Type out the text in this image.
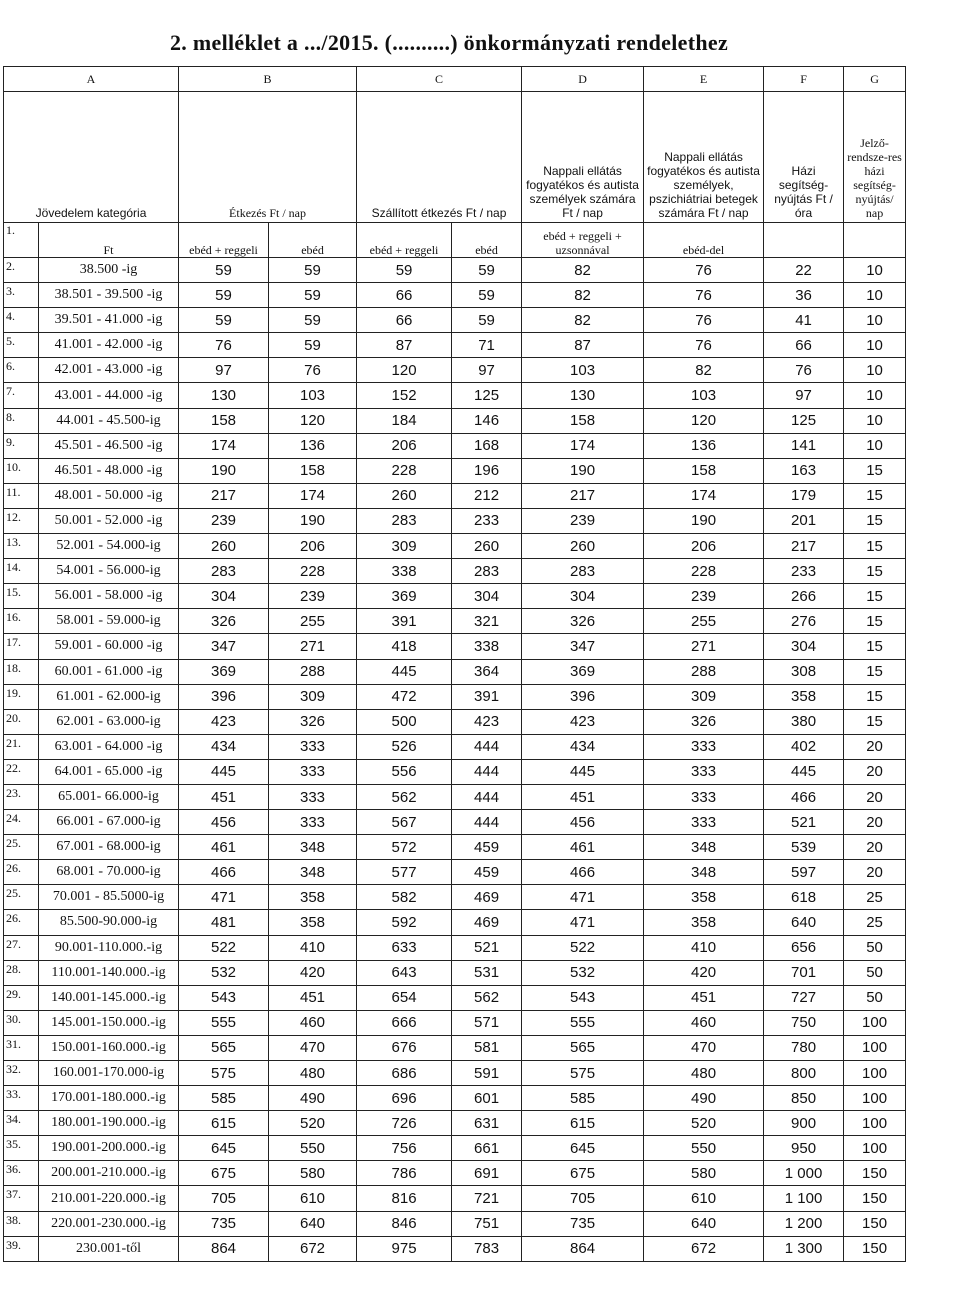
2. melléklet a .../2015. (..........) önkormányzati rendelethez
A		B		C		D	E	F	G
Jövedelem kategória		Étkezés Ft / nap		Szállított étkezés Ft / nap		Nappali ellátás fogyatékos és autista személyek számára Ft / nap	Nappali ellátás fogyatékos és autista személyek, pszichiátriai betegek számára Ft / nap	Házi segítség-nyújtás Ft / óra	Jelző-rendsze-res házi segítség-nyújtás/ nap
1.	Ft	ebéd + reggeli	ebéd	ebéd + reggeli	ebéd	ebéd + reggeli + uzsonnával	ebéd-del		
2.	38.500 -ig	59	59	59	59	82	76	22	10
3.	38.501 - 39.500 -ig	59	59	66	59	82	76	36	10
4.	39.501 - 41.000 -ig	59	59	66	59	82	76	41	10
5.	41.001 - 42.000 -ig	76	59	87	71	87	76	66	10
6.	42.001 - 43.000 -ig	97	76	120	97	103	82	76	10
7.	43.001 - 44.000 -ig	130	103	152	125	130	103	97	10
8.	44.001 - 45.500-ig	158	120	184	146	158	120	125	10
9.	45.501 - 46.500 -ig	174	136	206	168	174	136	141	10
10.	46.501 - 48.000 -ig	190	158	228	196	190	158	163	15
11.	48.001 - 50.000 -ig	217	174	260	212	217	174	179	15
12.	50.001 - 52.000 -ig	239	190	283	233	239	190	201	15
13.	52.001 - 54.000-ig	260	206	309	260	260	206	217	15
14.	54.001 - 56.000-ig	283	228	338	283	283	228	233	15
15.	56.001 - 58.000 -ig	304	239	369	304	304	239	266	15
16.	58.001 - 59.000-ig	326	255	391	321	326	255	276	15
17.	59.001 - 60.000 -ig	347	271	418	338	347	271	304	15
18.	60.001 - 61.000 -ig	369	288	445	364	369	288	308	15
19.	61.001 - 62.000-ig	396	309	472	391	396	309	358	15
20.	62.001 - 63.000-ig	423	326	500	423	423	326	380	15
21.	63.001 - 64.000 -ig	434	333	526	444	434	333	402	20
22.	64.001 - 65.000 -ig	445	333	556	444	445	333	445	20
23.	65.001- 66.000-ig	451	333	562	444	451	333	466	20
24.	66.001 - 67.000-ig	456	333	567	444	456	333	521	20
25.	67.001 - 68.000-ig	461	348	572	459	461	348	539	20
26.	68.001 - 70.000-ig	466	348	577	459	466	348	597	20
25.	70.001 - 85.5000-ig	471	358	582	469	471	358	618	25
26.	85.500-90.000-ig	481	358	592	469	471	358	640	25
27.	90.001-110.000.-ig	522	410	633	521	522	410	656	50
28.	110.001-140.000.-ig	532	420	643	531	532	420	701	50
29.	140.001-145.000.-ig	543	451	654	562	543	451	727	50
30.	145.001-150.000.-ig	555	460	666	571	555	460	750	100
31.	150.001-160.000.-ig	565	470	676	581	565	470	780	100
32.	160.001-170.000-ig	575	480	686	591	575	480	800	100
33.	170.001-180.000.-ig	585	490	696	601	585	490	850	100
34.	180.001-190.000.-ig	615	520	726	631	615	520	900	100
35.	190.001-200.000.-ig	645	550	756	661	645	550	950	100
36.	200.001-210.000.-ig	675	580	786	691	675	580	1 000	150
37.	210.001-220.000.-ig	705	610	816	721	705	610	1 100	150
38.	220.001-230.000.-ig	735	640	846	751	735	640	1 200	150
39.	230.001-től	864	672	975	783	864	672	1 300	150
